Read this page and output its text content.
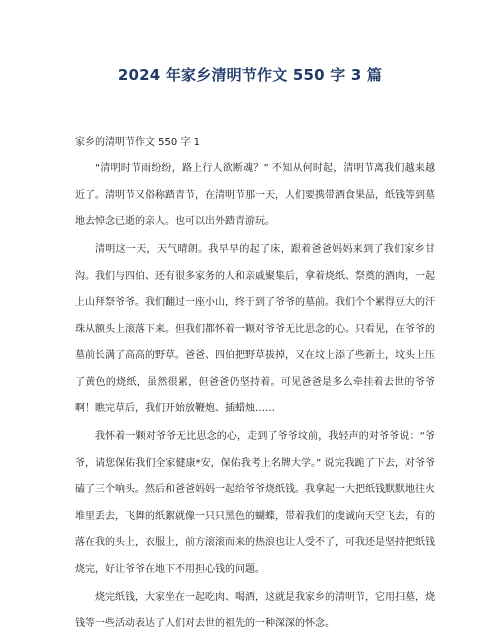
2024 年家乡清明节作文 550 字 3 篇
家乡的清明节作文 550 字 1

“清明时节雨纷纷，路上行人欲断魂？” 不知从何时起，清明节离我们越来越近了。清明节又俗称踏青节，在清明节那一天，人们要携带酒食果品，纸钱等到墓地去悼念已逝的亲人。也可以出外踏青游玩。

清明这一天，天气晴朗。我早早的起了床，跟着爸爸妈妈来到了我们家乡甘沟。我们与四伯、还有很多家务的人和亲戚聚集后，拿着烧纸、祭奠的酒肉，一起上山拜祭爷爷。我们翻过一座小山，终于到了爷爷的墓前。我们个个累得豆大的汗珠从额头上滚落下来。但我们都怀着一颗对爷爷无比思念的心。只看见，在爷爷的墓前长满了高高的野草。爸爸、四伯把野草拔掉，又在坟上添了些新土，坟头上压了黄色的烧纸，虽然很累，但爸爸仍坚持着。可见爸爸是多么牵挂着去世的爷爷啊！瞧完草后，我们开始放鞭炮、插蜡烛……

我怀着一颗对爷爷无比思念的心，走到了爷爷坟前，我轻声的对爷爷说：“爷爷，请您保佑我们全家健康*安，保佑我考上名牌大学。” 说完我跪了下去，对爷爷磕了三个响头。然后和爸爸妈妈一起给爷爷烧纸钱。我拿起一大把纸钱默默地往火堆里丢去，飞舞的纸絮就像一只只黑色的蝴蝶，带着我们的虔诚向天空飞去，有的落在我的头上，衣服上，前方滚滚而来的热浪也让人受不了，可我还是坚持把纸钱烧完，好让爷爷在地下不用担心钱的问题。

烧完纸钱，大家坐在一起吃肉、喝酒，这就是我家乡的清明节，它用扫墓，烧钱等一些活动表达了人们对去世的祖先的一种深深的怀念。
